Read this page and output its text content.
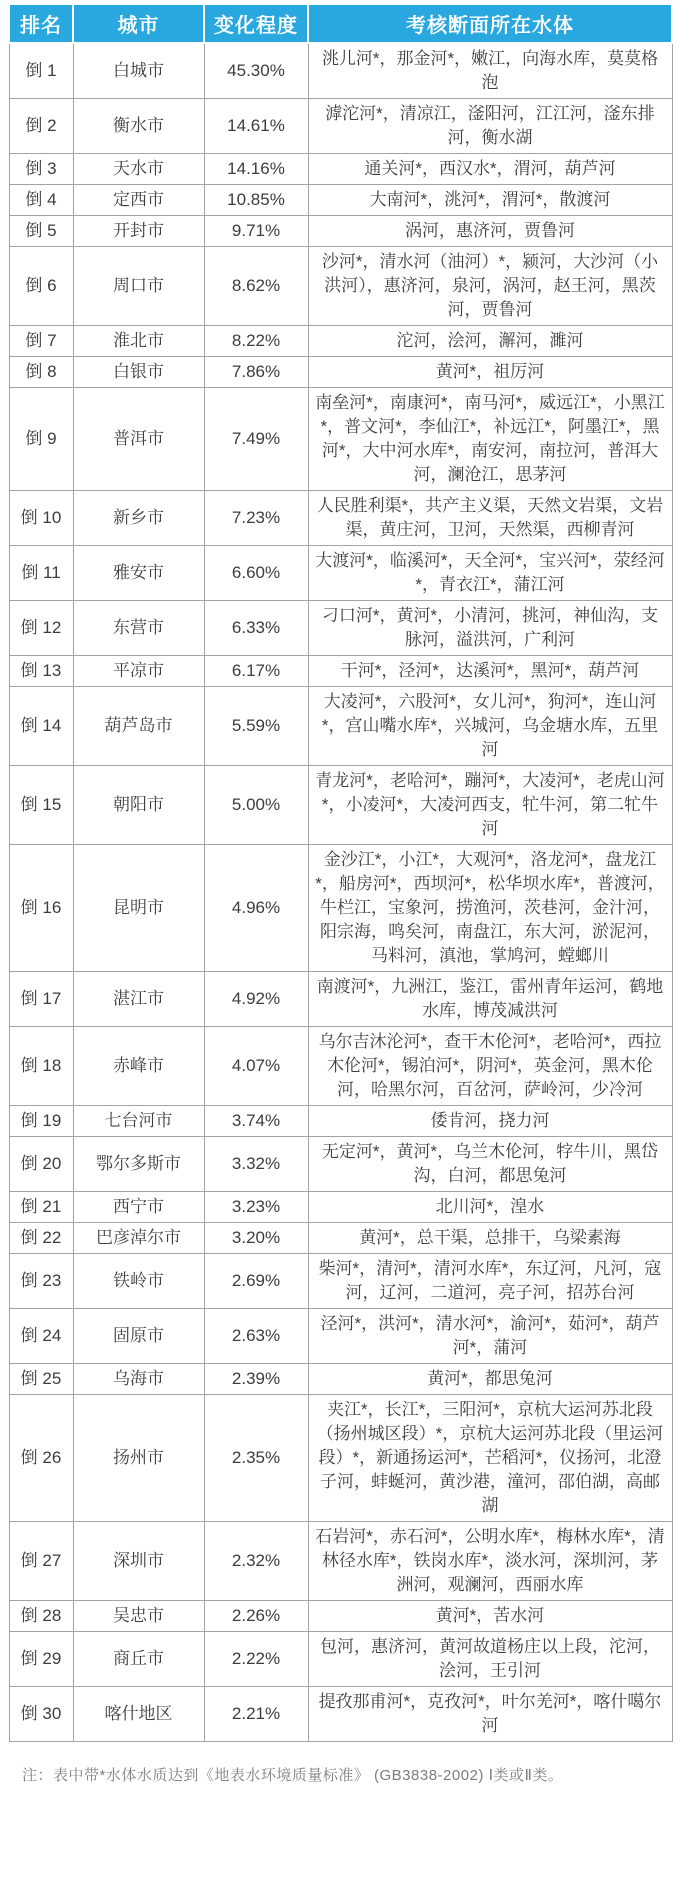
排名	城市	变化程度	考核断面所在水体
倒 1	白城市	45.30%	洮儿河*，那金河*，嫩江，向海水库，莫莫格泡
倒 2	衡水市	14.61%	滹沱河*，清凉江，滏阳河，江江河，滏东排河，衡水湖
倒 3	天水市	14.16%	通关河*，西汉水*，渭河，葫芦河
倒 4	定西市	10.85%	大南河*，洮河*，渭河*，散渡河
倒 5	开封市	9.71%	涡河，惠济河，贾鲁河
倒 6	周口市	8.62%	沙河*，清水河（油河）*，颍河，大沙河（小洪河），惠济河，泉河，涡河，赵王河，黑茨河，贾鲁河
倒 7	淮北市	8.22%	沱河，浍河，澥河，濉河
倒 8	白银市	7.86%	黄河*，祖厉河
倒 9	普洱市	7.49%	南垒河*，南康河*，南马河*，威远江*，小黑江*，普文河*，李仙江*，补远江*，阿墨江*，黑河*，大中河水库*，南安河，南拉河，普洱大河，澜沧江，思茅河
倒 10	新乡市	7.23%	人民胜利渠*，共产主义渠，天然文岩渠，文岩渠，黄庄河，卫河，天然渠，西柳青河
倒 11	雅安市	6.60%	大渡河*，临溪河*，天全河*，宝兴河*，荥经河*，青衣江*，蒲江河
倒 12	东营市	6.33%	刁口河*，黄河*，小清河，挑河，神仙沟，支脉河，溢洪河，广利河
倒 13	平凉市	6.17%	干河*，泾河*，达溪河*，黑河*，葫芦河
倒 14	葫芦岛市	5.59%	大凌河*，六股河*，女儿河*，狗河*，连山河*，宫山嘴水库*，兴城河，乌金塘水库，五里河
倒 15	朝阳市	5.00%	青龙河*，老哈河*，蹦河*，大凌河*，老虎山河*，小凌河*，大凌河西支，牤牛河，第二牤牛河
倒 16	昆明市	4.96%	金沙江*，小江*，大观河*，洛龙河*，盘龙江*，船房河*，西坝河*，松华坝水库*，普渡河，牛栏江，宝象河，捞渔河，茨巷河，金汁河，阳宗海，鸣矣河，南盘江，东大河，淤泥河，马料河，滇池，掌鸠河，螳螂川
倒 17	湛江市	4.92%	南渡河*，九洲江，鉴江，雷州青年运河，鹤地水库，博茂减洪河
倒 18	赤峰市	4.07%	乌尔吉沐沦河*，查干木伦河*，老哈河*，西拉木伦河*，锡泊河*，阴河*，英金河，黑木伦河，哈黑尔河，百岔河，萨岭河，少冷河
倒 19	七台河市	3.74%	倭肯河，挠力河
倒 20	鄂尔多斯市	3.32%	无定河*，黄河*，乌兰木伦河，牸牛川，黑岱沟，白河，都思兔河
倒 21	西宁市	3.23%	北川河*，湟水
倒 22	巴彦淖尔市	3.20%	黄河*，总干渠，总排干，乌梁素海
倒 23	铁岭市	2.69%	柴河*，清河*，清河水库*，东辽河，凡河，寇河，辽河，二道河，亮子河，招苏台河
倒 24	固原市	2.63%	泾河*，洪河*，清水河*，渝河*，茹河*，葫芦河*，蒲河
倒 25	乌海市	2.39%	黄河*，都思兔河
倒 26	扬州市	2.35%	夹江*，长江*，三阳河*，京杭大运河苏北段（扬州城区段）*，京杭大运河苏北段（里运河段）*，新通扬运河*，芒稻河*，仪扬河，北澄子河，蚌蜒河，黄沙港，潼河，邵伯湖，高邮湖
倒 27	深圳市	2.32%	石岩河*，赤石河*，公明水库*，梅林水库*，清林径水库*，铁岗水库*，淡水河，深圳河，茅洲河，观澜河，西丽水库
倒 28	吴忠市	2.26%	黄河*，苦水河
倒 29	商丘市	2.22%	包河，惠济河，黄河故道杨庄以上段，沱河，浍河，王引河
倒 30	喀什地区	2.21%	提孜那甫河*，克孜河*，叶尔羌河*，喀什噶尔河
注：表中带*水体水质达到《地表水环境质量标准》 (GB3838-2002) Ⅰ类或Ⅱ类。
